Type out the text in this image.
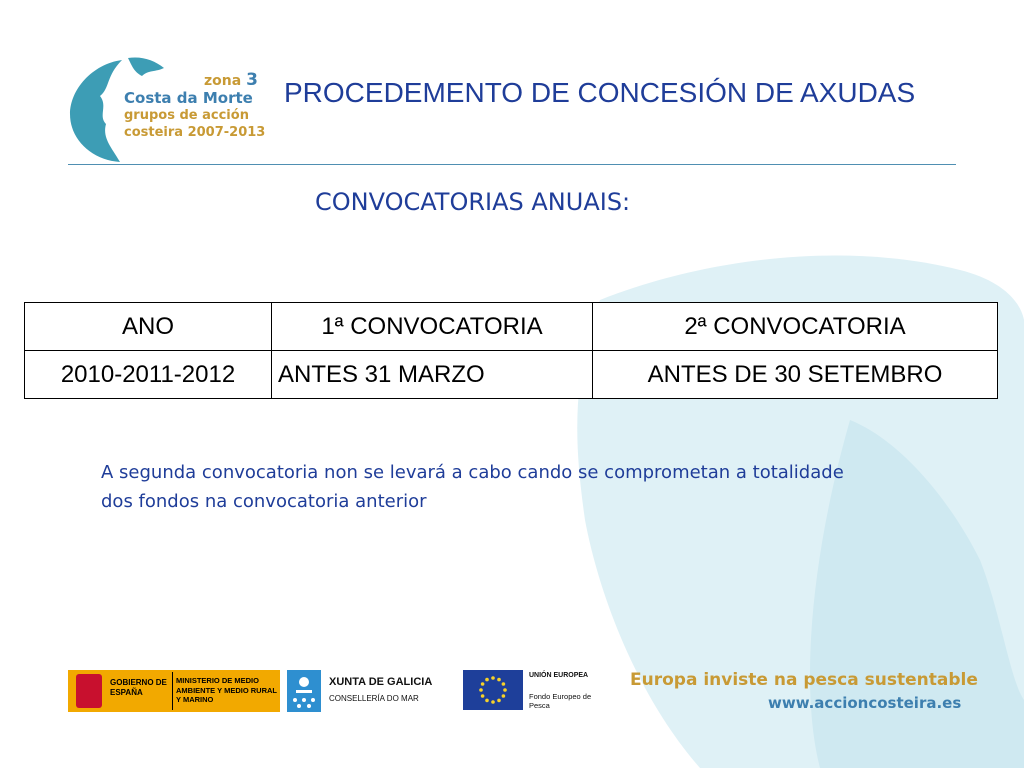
zona 3
Costa da Morte
grupos de acción
costeira 2007-2013
PROCEDEMENTO DE CONCESIÓN DE AXUDAS
CONVOCATORIAS ANUAIS:
ANO	1ª CONVOCATORIA	2ª CONVOCATORIA
2010-2011-2012	ANTES 31 MARZO	ANTES DE 30 SETEMBRO
A segunda convocatoria non se levará a cabo cando se comprometan a totalidade dos fondos na convocatoria anterior
GOBIERNO DE ESPAÑA
MINISTERIO DE MEDIO AMBIENTE Y MEDIO RURAL Y MARINO
XUNTA DE GALICIA
CONSELLERÍA DO MAR
UNIÓN EUROPEA
Fondo Europeo de Pesca
Europa inviste na pesca sustentable
www.accioncosteira.es
